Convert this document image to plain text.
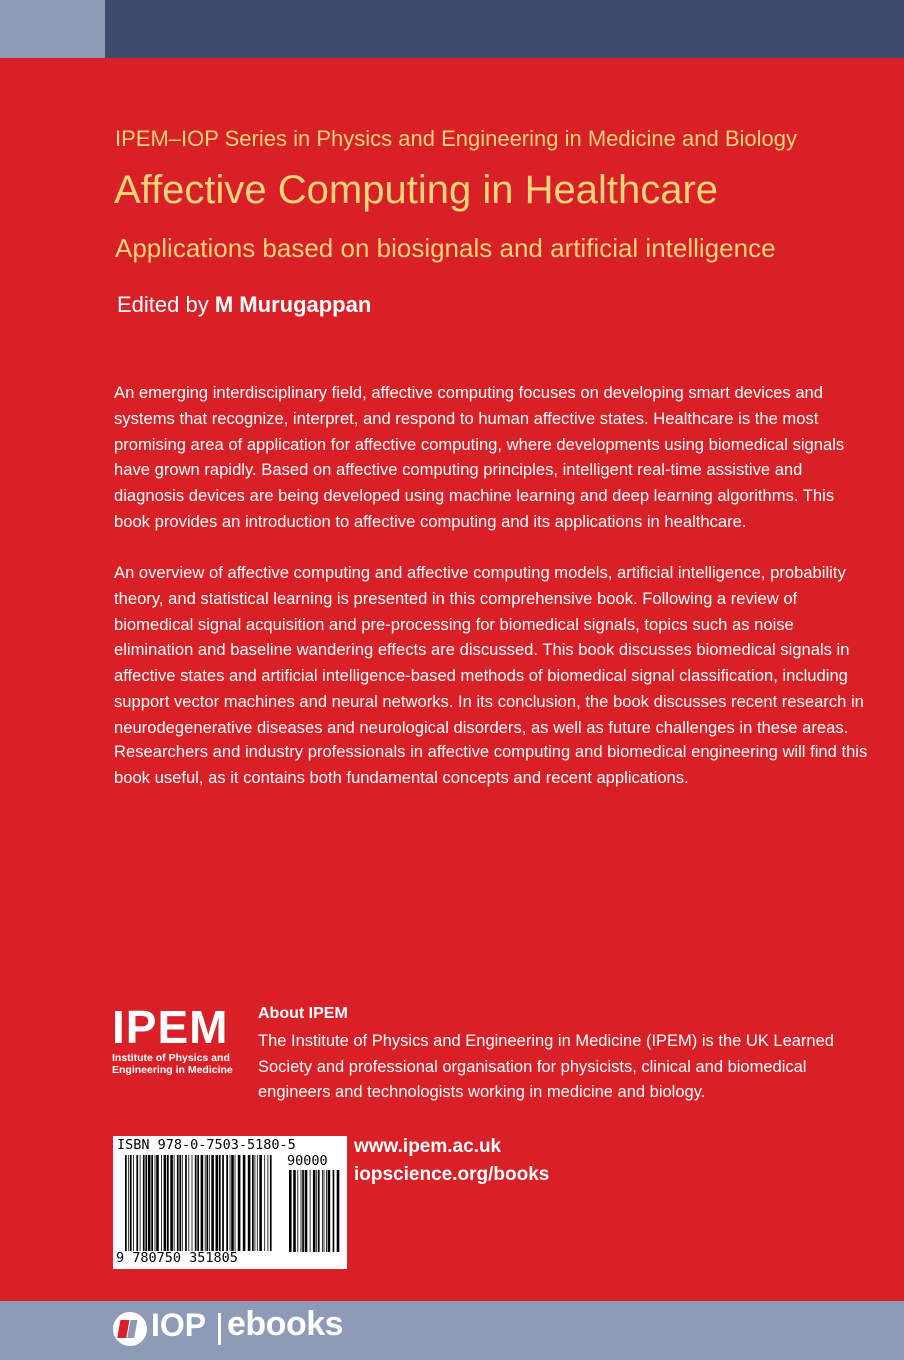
IPEM–IOP Series in Physics and Engineering in Medicine and Biology
Affective Computing in Healthcare
Applications based on biosignals and artificial intelligence
Edited by M Murugappan

An emerging interdisciplinary field, affective computing focuses on developing smart devices and systems that recognize, interpret, and respond to human affective states. Healthcare is the most promising area of application for affective computing, where developments using biomedical signals have grown rapidly. Based on affective computing principles, intelligent real-time assistive and diagnosis devices are being developed using machine learning and deep learning algorithms. This book provides an introduction to affective computing and its applications in healthcare.

An overview of affective computing and affective computing models, artificial intelligence, probability theory, and statistical learning is presented in this comprehensive book. Following a review of biomedical signal acquisition and pre-processing for biomedical signals, topics such as noise elimination and baseline wandering effects are discussed. This book discusses biomedical signals in affective states and artificial intelligence-based methods of biomedical signal classification, including support vector machines and neural networks. In its conclusion, the book discusses recent research in neurodegenerative diseases and neurological disorders, as well as future challenges in these areas.

Researchers and industry professionals in affective computing and biomedical engineering will find this book useful, as it contains both fundamental concepts and recent applications.

IPEM
Institute of Physics and Engineering in Medicine
About IPEM

The Institute of Physics and Engineering in Medicine (IPEM) is the UK Learned Society and professional organisation for physicists, clinical and biomedical engineers and technologists working in medicine and biology.

ISBN 978-0-7503-5180-5
90000
9 780750 351805
www.ipem.ac.uk
iopscience.org/books
IOP ebooks
